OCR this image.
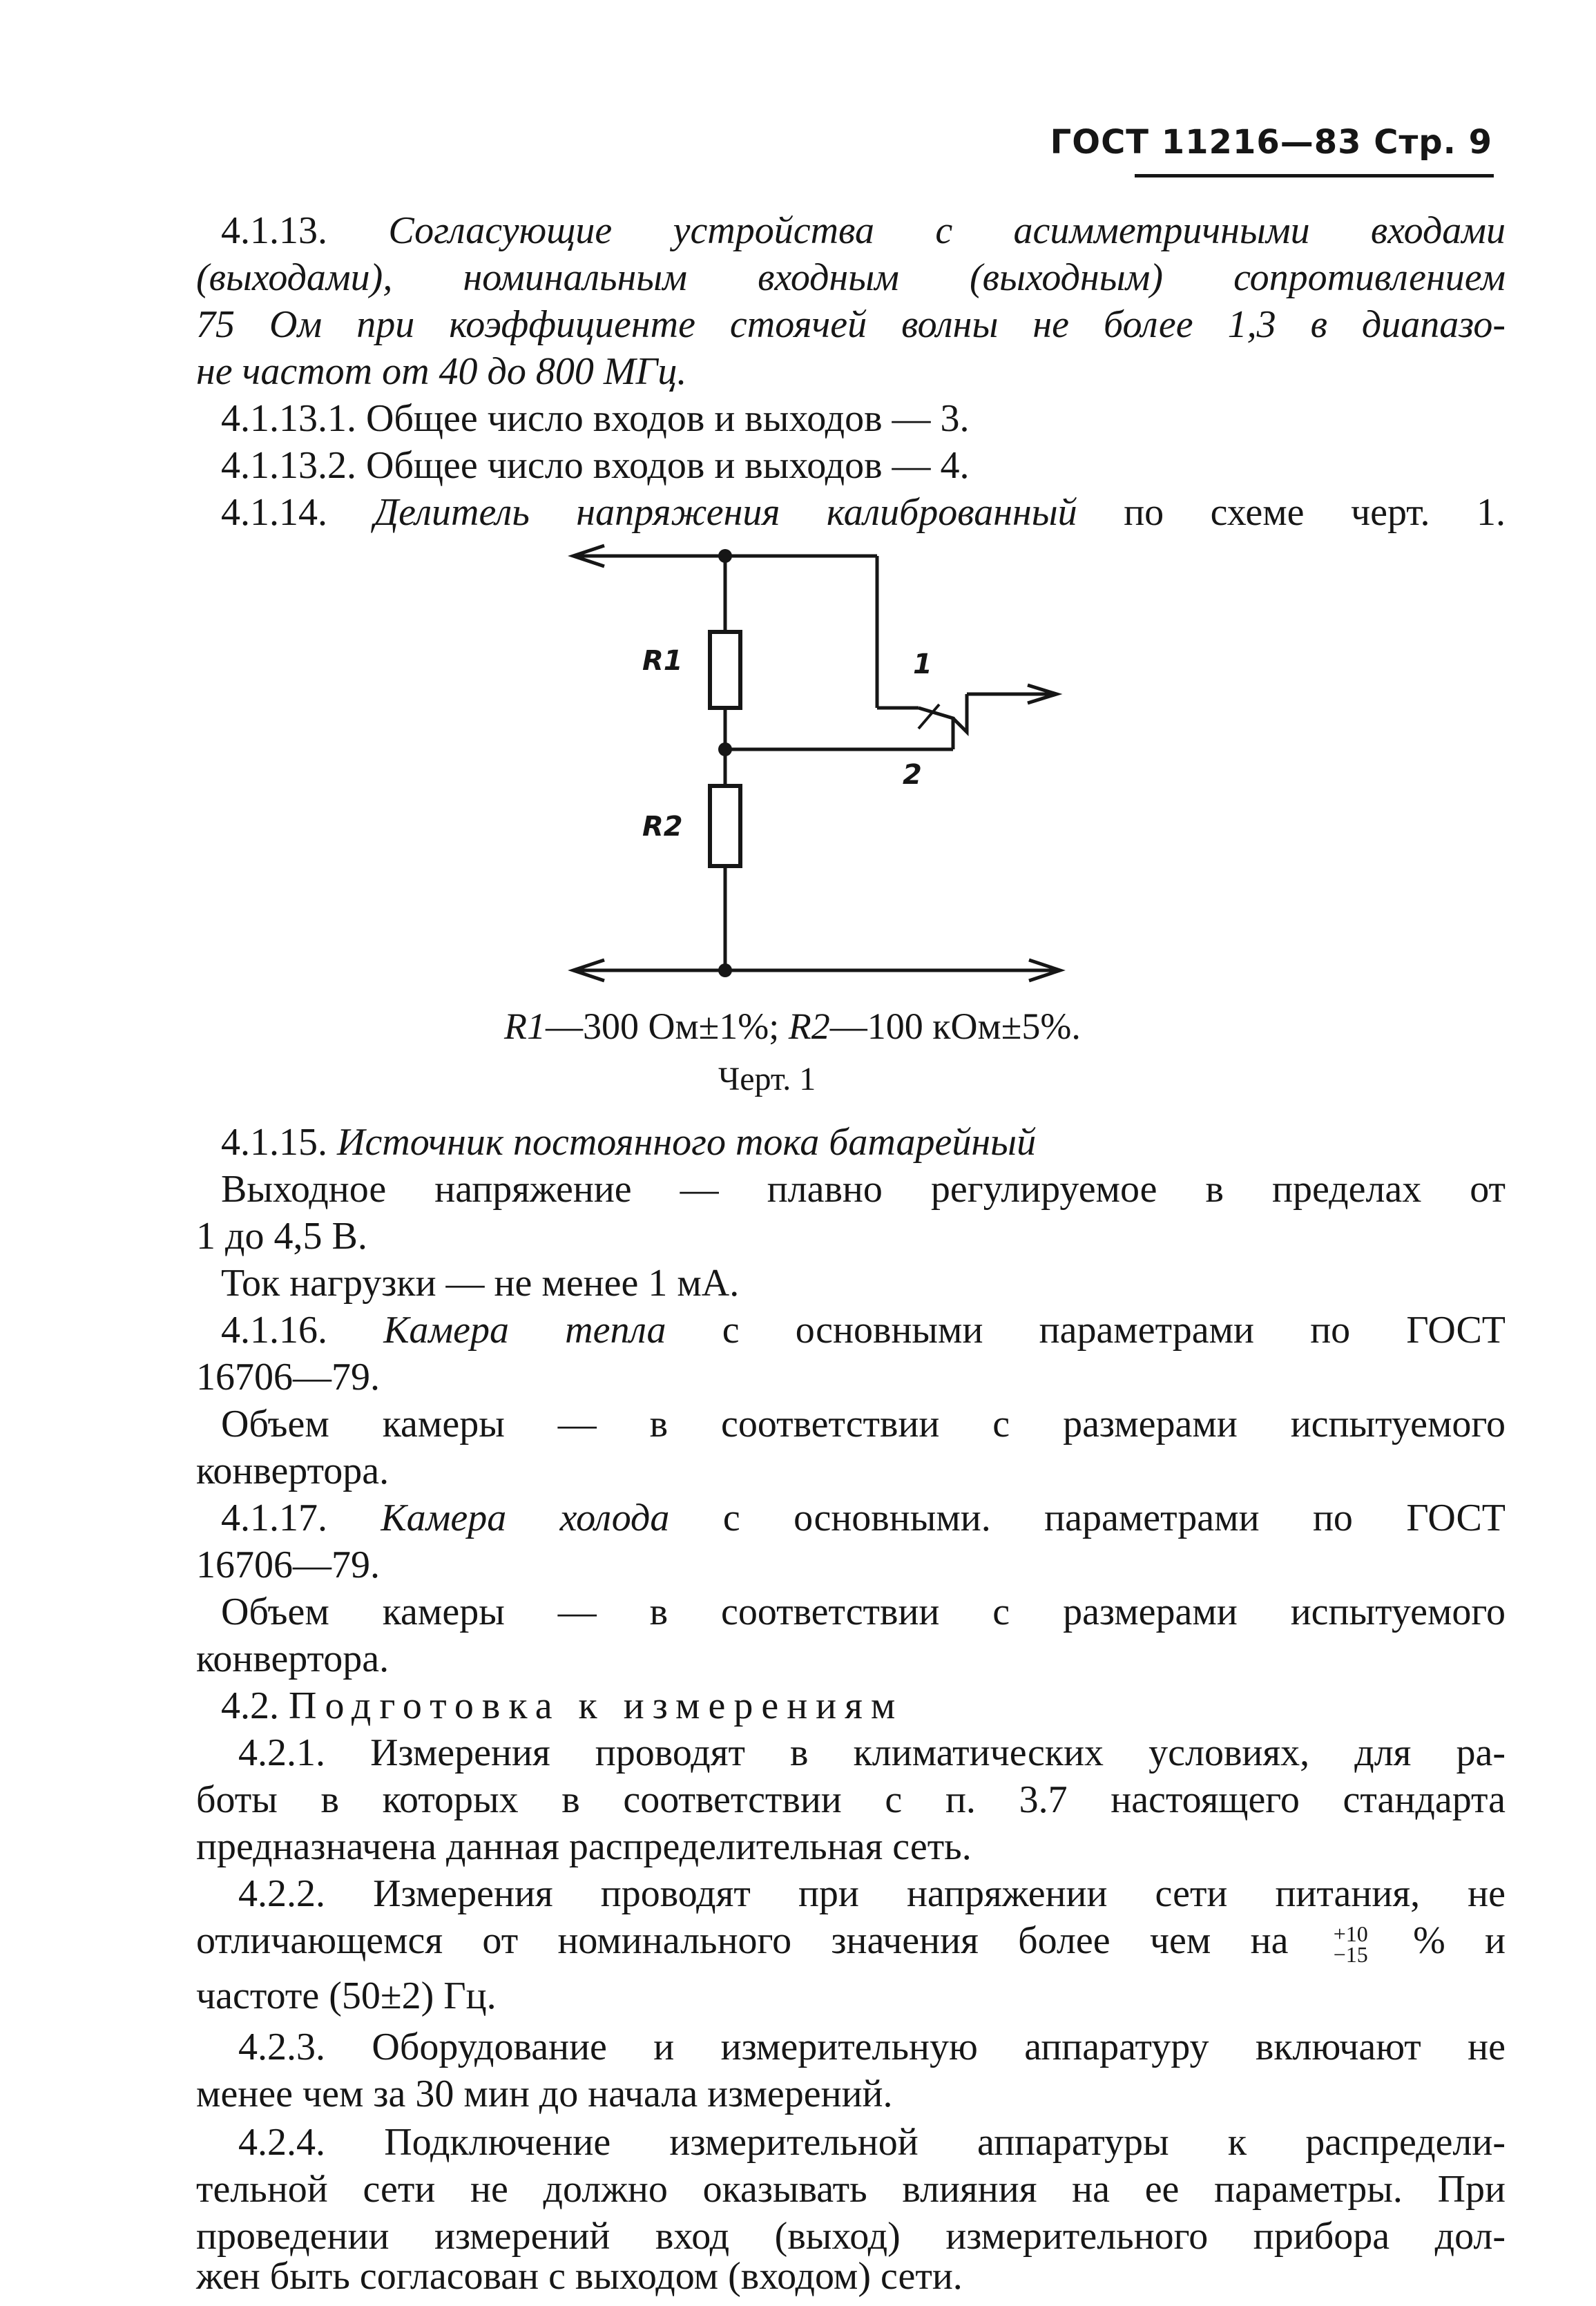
ГОСТ 11216—83 Стр. 9
4.1.13. Согласующие устройства с асимметричными входами
(выходами), номинальным входным (выходным) сопротивлением
75 Ом при коэффициенте стоячей волны не более 1,3 в диапазо-
не частот от 40 до 800 МГц.
4.1.13.1. Общее число входов и выходов — 3.
4.1.13.2. Общее число входов и выходов — 4.
4.1.14. Делитель напряжения калиброванный по схеме черт. 1.
R1
R2
1
2
R1—300 Ом±1%; R2—100 кОм±5%.
Черт. 1
4.1.15. Источник постоянного тока батарейный
Выходное напряжение — плавно регулируемое в пределах от
1 до 4,5 В.
Ток нагрузки — не менее 1 мА.
4.1.16. Камера тепла с основными параметрами по ГОСТ
16706—79.
Объем камеры — в соответствии с размерами испытуемого
конвертора.
4.1.17. Камера холода с основными. параметрами по ГОСТ
16706—79.
Объем камеры — в соответствии с размерами испытуемого
конвертора.
4.2. Подготовка к измерениям
4.2.1. Измерения проводят в климатических условиях, для ра-
боты в которых в соответствии с п. 3.7 настоящего стандарта
предназначена данная распределительная сеть.
4.2.2. Измерения проводят при напряжении сети питания, не
отличающемся от номинального значения более чем на +10
−15 % и
частоте (50±2) Гц.
4.2.3. Оборудование и измерительную аппаратуру включают не
менее чем за 30 мин до начала измерений.
4.2.4. Подключение измерительной аппаратуры к распредели-
тельной сети не должно оказывать влияния на ее параметры. При
проведении измерений вход (выход) измерительного прибора дол-
жен быть согласован с выходом (входом) сети.
